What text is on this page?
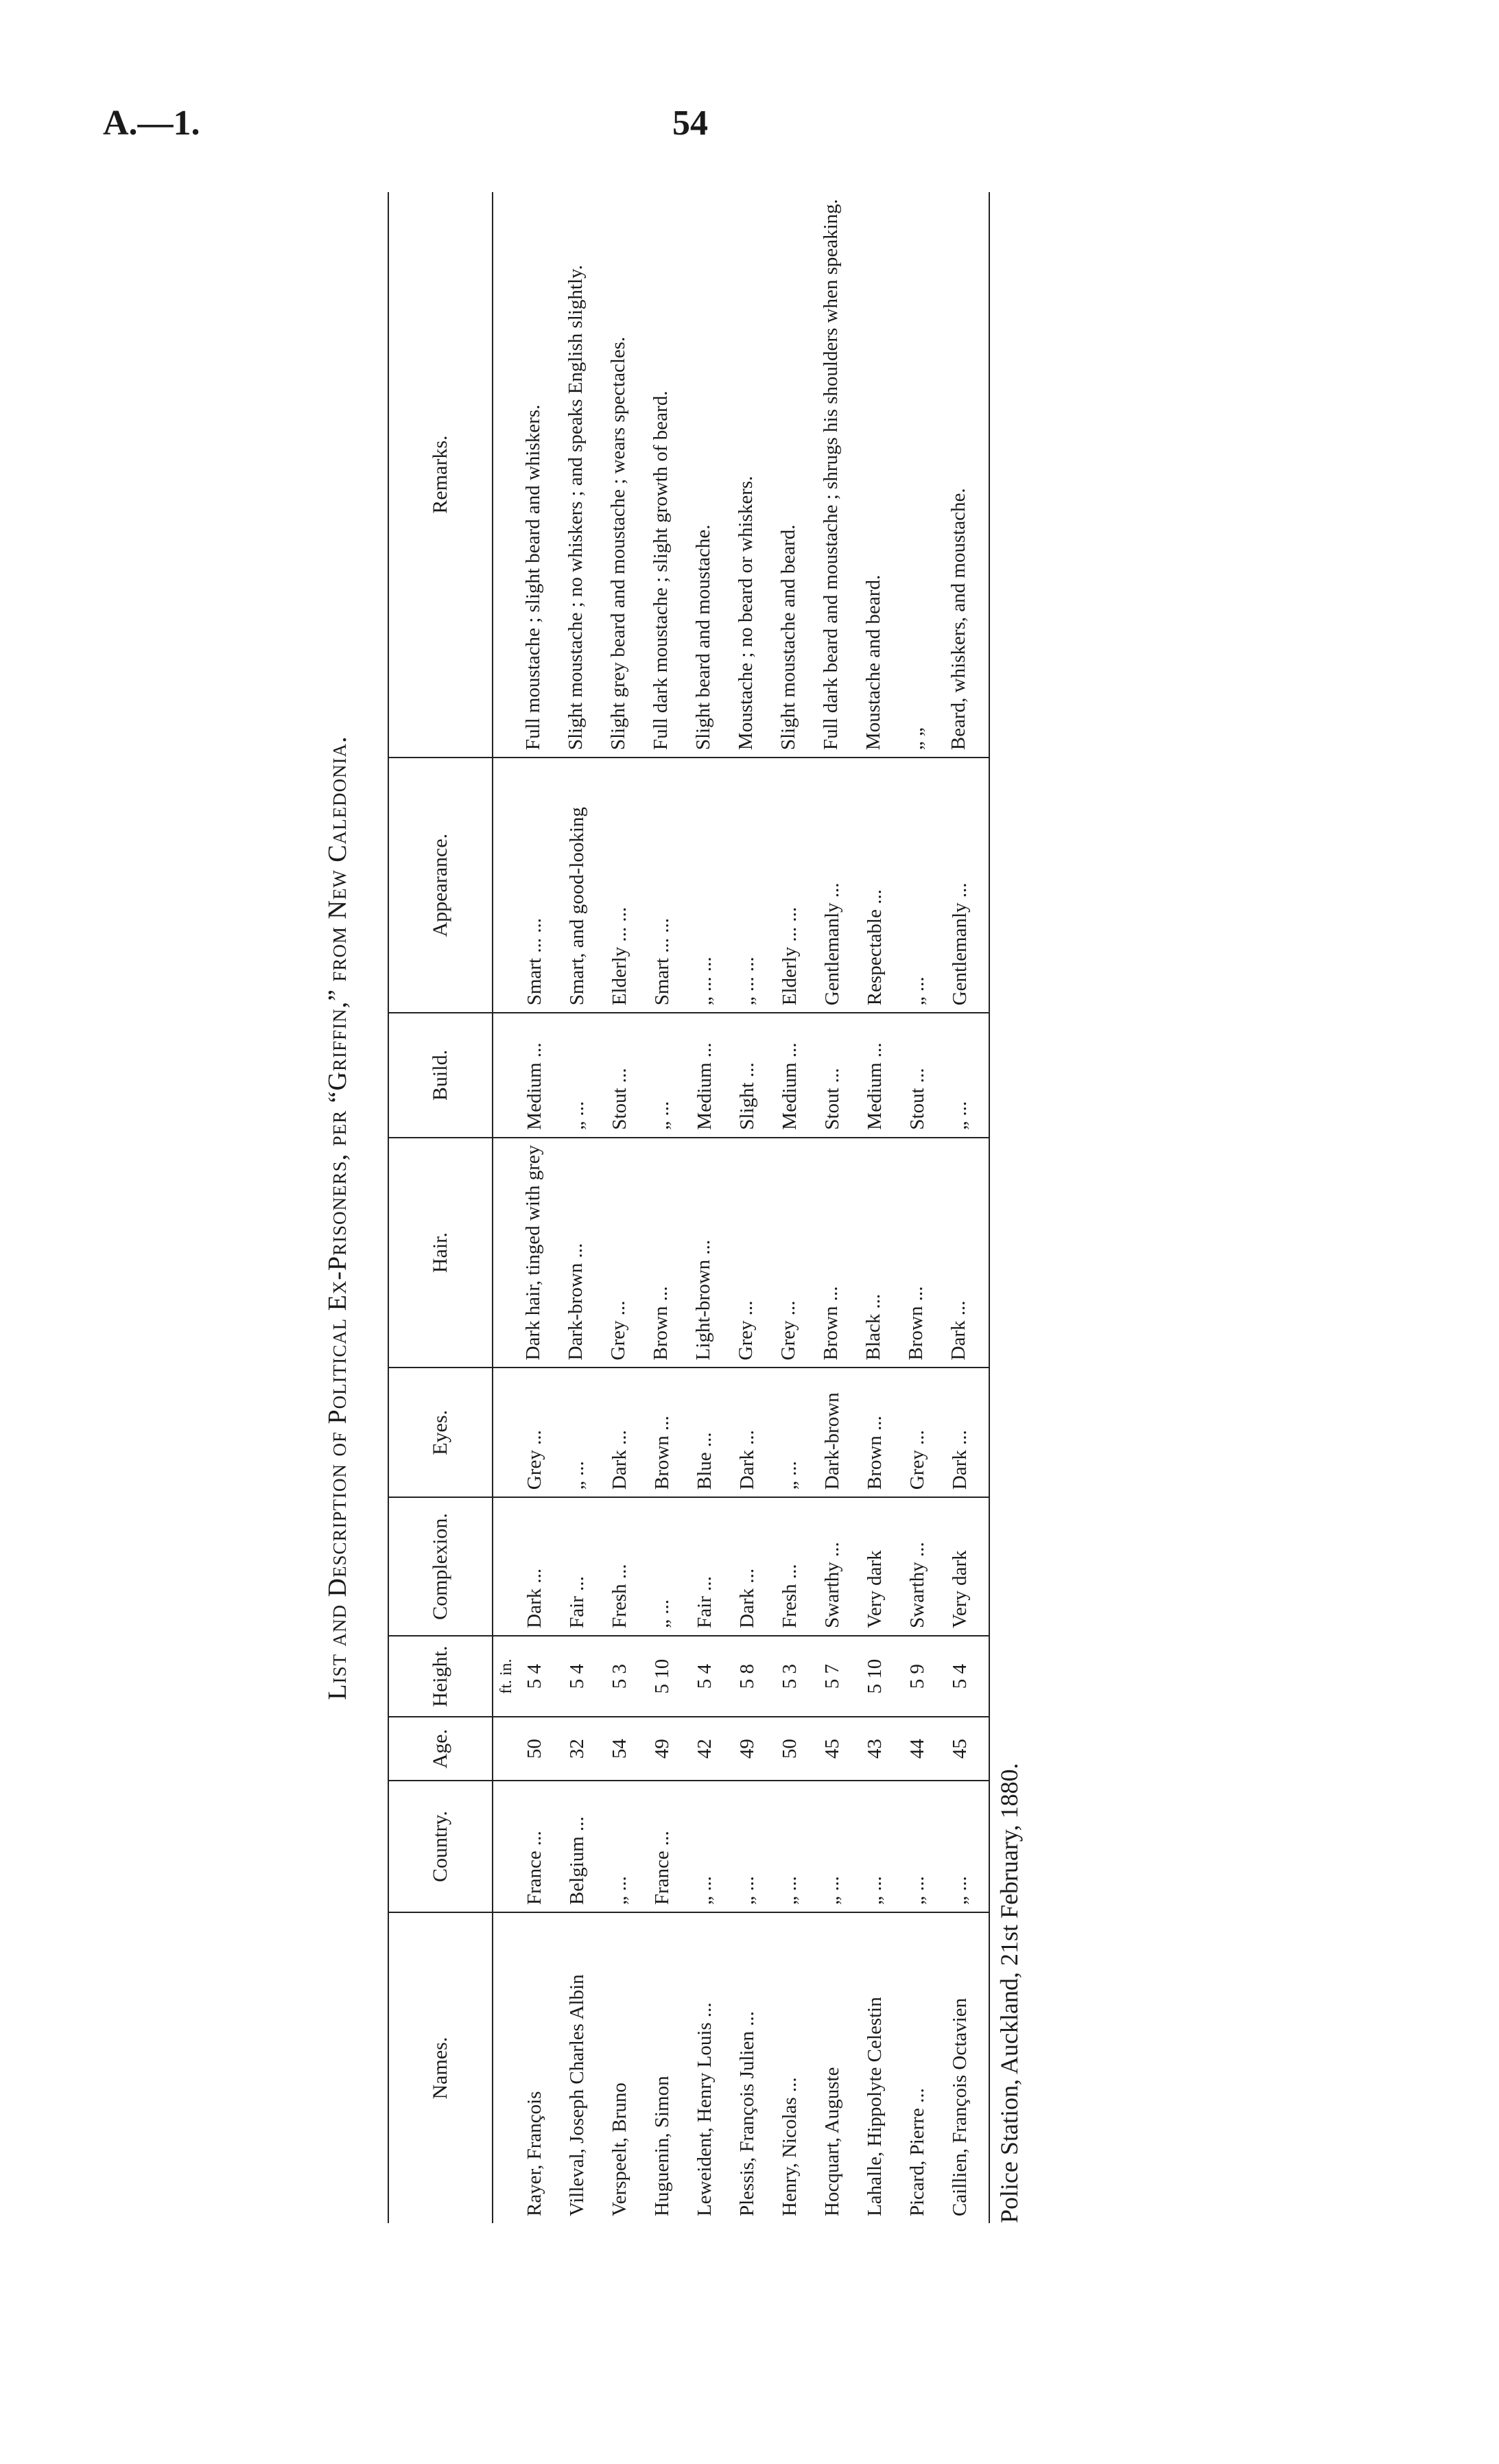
A.—1.	54
List and Description of Political Ex-Prisoners, per “Griffin,” from New Caledonia.
Names.	Country.	Age.	Height.	Complexion.	Eyes.	Hair.	Build.	Appearance.	Remarks.
			ft. in.						
Rayer, François	France ...	50	5 4	Dark ...	Grey ...	Dark hair, tinged with grey	Medium ...	Smart ... ...	Full moustache ; slight beard and whiskers.
Villeval, Joseph Charles Albin	Belgium ...	32	5 4	Fair ...	„ ...	Dark-brown ...	„ ...	Smart, and good-looking	Slight moustache ; no whiskers ; and speaks English slightly.
Verspeelt, Bruno	„ ...	54	5 3	Fresh ...	Dark ...	Grey ...	Stout ...	Elderly ... ...	Slight grey beard and moustache ; wears spectacles.
Huguenin, Simon	France ...	49	5 10	„ ...	Brown ...	Brown ...	„ ...	Smart ... ...	Full dark moustache ; slight growth of beard.
Leweident, Henry Louis ...	„ ...	42	5 4	Fair ...	Blue ...	Light-brown ...	Medium ...	„ ... ...	Slight beard and moustache.
Plessis, François Julien ...	„ ...	49	5 8	Dark ...	Dark ...	Grey ...	Slight ...	„ ... ...	Moustache ; no beard or whiskers.
Henry, Nicolas ...	„ ...	50	5 3	Fresh ...	„ ...	Grey ...	Medium ...	Elderly ... ...	Slight moustache and beard.
Hocquart, Auguste	„ ...	45	5 7	Swarthy ...	Dark-brown	Brown ...	Stout ...	Gentlemanly ...	Full dark beard and moustache ; shrugs his shoulders when speaking.
Lahalle, Hippolyte Celestin	„ ...	43	5 10	Very dark	Brown ...	Black ...	Medium ...	Respectable ...	Moustache and beard.
Picard, Pierre ...	„ ...	44	5 9	Swarthy ...	Grey ...	Brown ...	Stout ...	„ ...	„ „
Caillien, François Octavien	„ ...	45	5 4	Very dark	Dark ...	Dark ...	„ ...	Gentlemanly ...	Beard, whiskers, and moustache.
Police Station, Auckland, 21st February, 1880.
